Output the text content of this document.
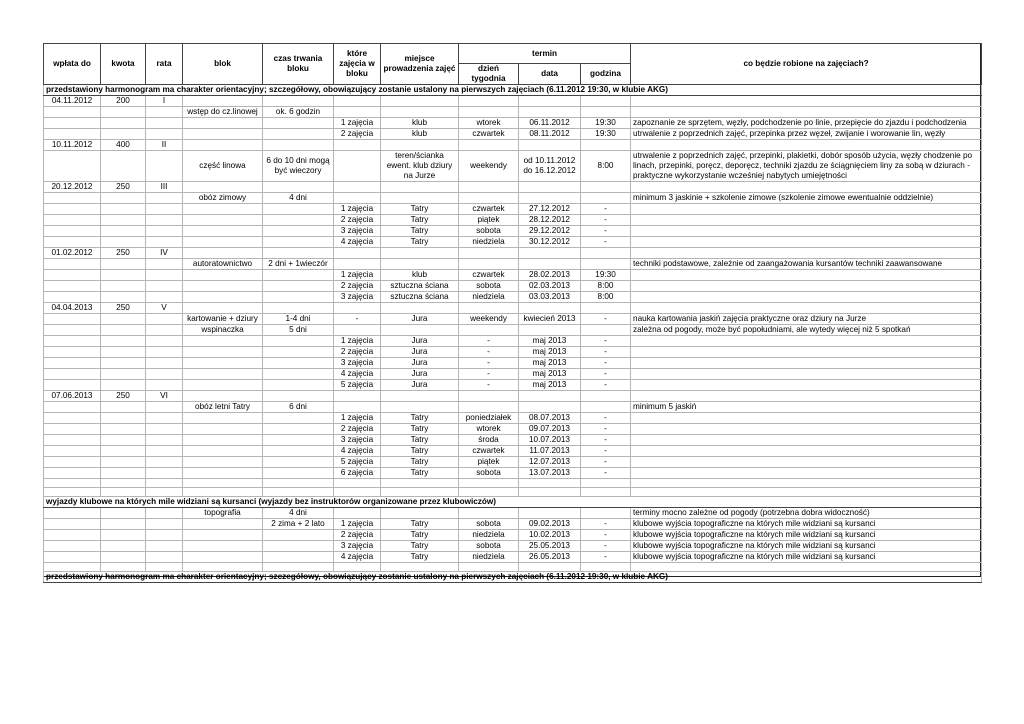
wpłata do	kwota	rata	blok	czas trwania bloku	które zajęcia w bloku	miejsce prowadzenia zajęć	termin			co będzie robione na zajęciach?
							dzień tygodnia	data	godzina	
przedstawiony harmonogram ma charakter orientacyjny; szczegółowy, obowiązujący zostanie ustalony na pierwszych zajęciach (6.11.2012 19:30, w klubie AKG)										
04.11.2012	200	I								
			wstęp do cz.linowej	ok. 6 godzin						
					1 zajęcia	klub	wtorek	06.11.2012	19:30	zapoznanie ze sprzętem, węzły, podchodzenie po linie, przepięcie do zjazdu i podchodzenia
					2 zajęcia	klub	czwartek	08.11.2012	19:30	utrwalenie z poprzednich zajęć, przepinka przez węzeł, zwijanie i worowanie lin, węzły
10.11.2012	400	II								

			część linowa	6 do 10 dni mogą być wieczory		teren/ścianka ewent. klub dziury na Jurze	weekendy	od 10.11.2012 do 16.12.2012	8:00	utrwalenie z poprzednich zajęć, przepinki, plakietki, dobór sposób użycia, węzły chodzenie po linach, przepinki, poręcz, deporęcz, techniki zjazdu ze ściągnięciem liny za sobą w dziurach - praktyczne wykorzystanie wcześniej nabytych umiejętności
20.12.2012	250	III								
			obóz zimowy	4 dni						minimum 3 jaskinie + szkolenie zimowe (szkolenie zimowe ewentualnie oddzielnie)
					1 zajęcia	Tatry	czwartek	27.12.2012	-	
					2 zajęcia	Tatry	piątek	28.12.2012	-	
					3 zajęcia	Tatry	sobota	29.12.2012	-	
					4 zajęcia	Tatry	niedziela	30.12.2012	-	
01.02.2012	250	IV								
			autoratownictwo	2 dni + 1wieczór						techniki podstawowe, zależnie od zaangażowania kursantów techniki zaawansowane
					1 zajęcia	klub	czwartek	28.02.2013	19:30	
					2 zajęcia	sztuczna ściana	sobota	02.03.2013	8:00	
					3 zajęcia	sztuczna ściana	niedziela	03.03.2013	8:00	
04.04.2013	250	V								
			kartowanie + dziury	1-4 dni	-	Jura	weekendy	kwiecień 2013	-	nauka kartowania jaskiń zajęcia praktyczne oraz dziury na Jurze
			wspinaczka	5 dni						zależna od pogody, może być popołudniami, ale wytedy więcej niż 5 spotkań
					1 zajęcia	Jura	-	maj 2013	-	
					2 zajęcia	Jura	-	maj 2013	-	
					3 zajęcia	Jura	-	maj 2013	-	
					4 zajęcia	Jura	-	maj 2013	-	
					5 zajęcia	Jura	-	maj 2013	-	
07.06.2013	250	VI								
			obóz letni Tatry	6 dni						minimum 5 jaskiń
					1 zajęcia	Tatry	poniedziałek	08.07.2013	-	
					2 zajęcia	Tatry	wtorek	09.07.2013	-	
					3 zajęcia	Tatry	środa	10.07.2013	-	
					4 zajęcia	Tatry	czwartek	11.07.2013	-	
					5 zajęcia	Tatry	piątek	12.07.2013	-	
					6 zajęcia	Tatry	sobota	13.07.2013	-	

wyjazdy klubowe na których mile widziani są kursanci (wyjazdy bez instruktorów organizowane przez klubowiczów)										
			topografia	4 dni						terminy mocno zależne od pogody (potrzebna dobra widoczność)
				2 zima + 2 lato	1 zajęcia	Tatry	sobota	09.02.2013	-	klubowe wyjścia topograficzne na których mile widziani są kursanci
					2 zajęcia	Tatry	niedziela	10.02.2013	-	klubowe wyjścia topograficzne na których mile widziani są kursanci
					3 zajęcia	Tatry	sobota	25.05.2013	-	klubowe wyjścia topograficzne na których mile widziani są kursanci
					4 zajęcia	Tatry	niedziela	26.05.2013	-	klubowe wyjścia topograficzne na których mile widziani są kursanci

przedstawiony harmonogram ma charakter orientacyjny; szczegółowy, obowiązujący zostanie ustalony na pierwszych zajęciach (6.11.2012 19:30, w klubie AKG)										
